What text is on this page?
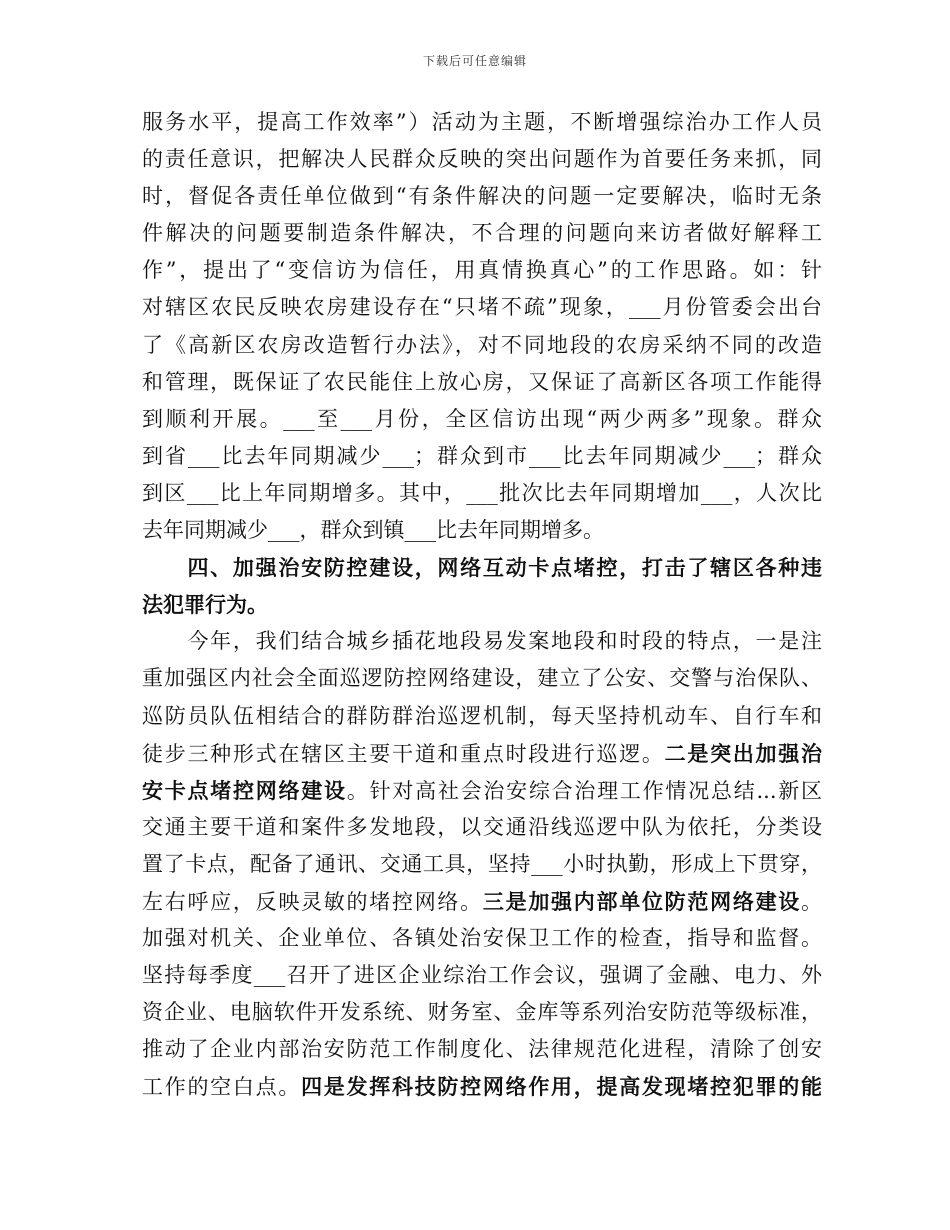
下载后可任意编辑
服务水平，提高工作效率”）活动为主题，不断增强综治办工作人员
的责任意识，把解决人民群众反映的突出问题作为首要任务来抓，同
时，督促各责任单位做到“有条件解决的问题一定要解决，临时无条
件解决的问题要制造条件解决，不合理的问题向来访者做好解释工
作”，提出了“变信访为信任，用真情换真心”的工作思路。如：针
对辖区农民反映农房建设存在“只堵不疏”现象，___月份管委会出台
了《高新区农房改造暂行办法》，对不同地段的农房采纳不同的改造
和管理，既保证了农民能住上放心房，又保证了高新区各项工作能得
到顺利开展。___至___月份，全区信访出现“两少两多”现象。群众
到省___比去年同期减少___；群众到市___比去年同期减少___；群众
到区___比上年同期增多。其中，___批次比去年同期增加___，人次比
去年同期减少___，群众到镇___比去年同期增多。
　　四、加强治安防控建设，网络互动卡点堵控，打击了辖区各种违
法犯罪行为。
　　今年，我们结合城乡插花地段易发案地段和时段的特点，一是注
重加强区内社会全面巡逻防控网络建设，建立了公安、交警与治保队、
巡防员队伍相结合的群防群治巡逻机制，每天坚持机动车、自行车和
徒步三种形式在辖区主要干道和重点时段进行巡逻。二是突出加强治
安卡点堵控网络建设。针对高社会治安综合治理工作情况总结...新区
交通主要干道和案件多发地段，以交通沿线巡逻中队为依托，分类设
置了卡点，配备了通讯、交通工具，坚持___小时执勤，形成上下贯穿，
左右呼应，反映灵敏的堵控网络。三是加强内部单位防范网络建设。
加强对机关、企业单位、各镇处治安保卫工作的检查，指导和监督。
坚持每季度___召开了进区企业综治工作会议，强调了金融、电力、外
资企业、电脑软件开发系统、财务室、金库等系列治安防范等级标准，
推动了企业内部治安防范工作制度化、法律规范化进程，清除了创安
工作的空白点。四是发挥科技防控网络作用，提高发现堵控犯罪的能
